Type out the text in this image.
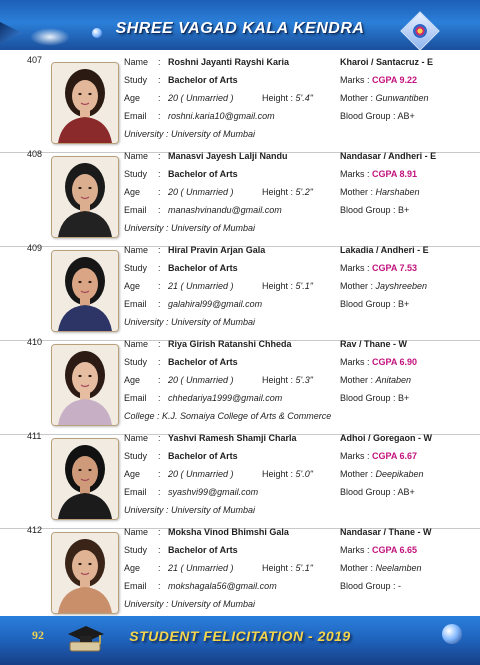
SHREE VAGAD KALA KENDRA
407	Name : Roshni Jayanti Rayshi Karia	Kharoi / Santacruz - E
Study : Bachelor of Arts	Marks : CGPA 9.22
Age : 20 ( Unmarried )	Height : 5'.4"	Mother : Gunwantiben
Email : roshni.karia10@gmail.com	Blood Group : AB+
University : University of Mumbai
408	Name : Manasvi Jayesh Lalji Nandu	Nandasar / Andheri - E
Study : Bachelor of Arts	Marks : CGPA 8.91
Age : 20 ( Unmarried )	Height : 5'.2"	Mother : Harshaben
Email : manashvinandu@gmail.com	Blood Group : B+
University : University of Mumbai
409	Name : Hiral Pravin Arjan Gala	Lakadia / Andheri - E
Study : Bachelor of Arts	Marks : CGPA 7.53
Age : 21 ( Unmarried )	Height : 5'.1"	Mother : Jayshreeben
Email : galahiral99@gmail.com	Blood Group : B+
University : University of Mumbai
410	Name : Riya Girish Ratanshi Chheda	Rav / Thane - W
Study : Bachelor of Arts	Marks : CGPA 6.90
Age : 20 ( Unmarried )	Height : 5'.3"	Mother : Anitaben
Email : chhedariya1999@gmail.com	Blood Group : B+
College : K.J. Somaiya College of Arts & Commerce
411	Name : Yashvi Ramesh Shamji Charla	Adhoi / Goregaon - W
Study : Bachelor of Arts	Marks : CGPA 6.67
Age : 20 ( Unmarried )	Height : 5'.0"	Mother : Deepikaben
Email : syashvi99@gmail.com	Blood Group : AB+
University : University of Mumbai
412	Name : Moksha Vinod Bhimshi Gala	Nandasar / Thane - W
Study : Bachelor of Arts	Marks : CGPA 6.65
Age : 21 ( Unmarried )	Height : 5'.1"	Mother : Neelamben
Email : mokshagala56@gmail.com	Blood Group : -
University : University of Mumbai
92	STUDENT FELICITATION - 2019
